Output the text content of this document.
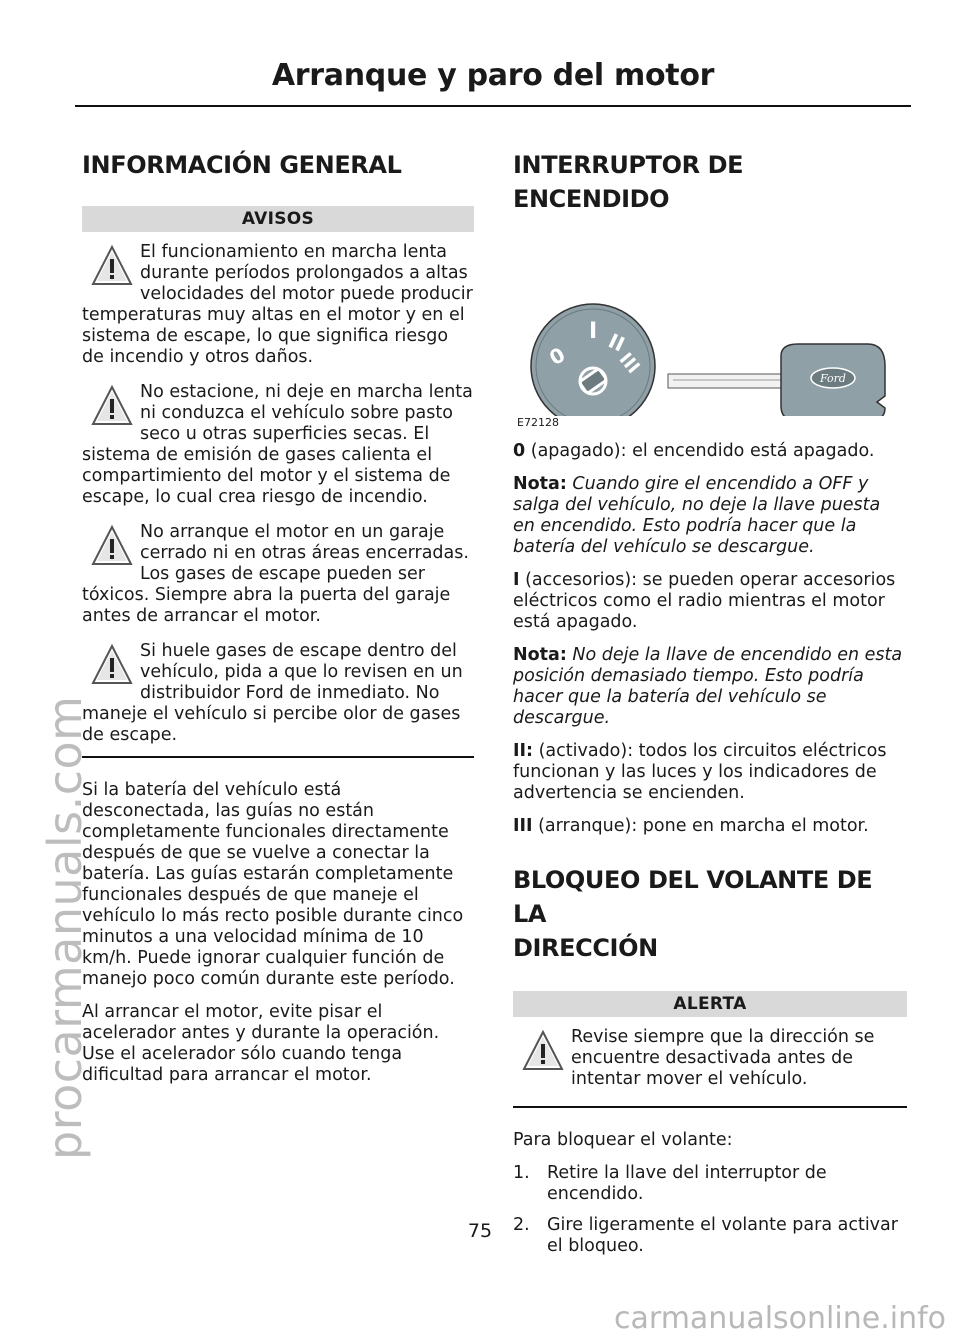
Arranque y paro del motor
INFORMACIÓN GENERAL
AVISOS

El funcionamiento en marcha lenta durante períodos prolongados a altas velocidades del motor puede producir temperaturas muy altas en el motor y en el sistema de escape, lo que significa riesgo de incendio y otros daños.

No estacione, ni deje en marcha lenta ni conduzca el vehículo sobre pasto seco u otras superficies secas. El sistema de emisión de gases calienta el compartimiento del motor y el sistema de escape, lo cual crea riesgo de incendio.

No arranque el motor en un garaje cerrado ni en otras áreas encerradas. Los gases de escape pueden ser tóxicos. Siempre abra la puerta del garaje antes de arrancar el motor.

Si huele gases de escape dentro del vehículo, pida a que lo revisen en un distribuidor Ford de inmediato. No maneje el vehículo si percibe olor de gases de escape.

Si la batería del vehículo está desconectada, las guías no están completamente funcionales directamente después de que se vuelve a conectar la batería. Las guías estarán completamente funcionales después de que maneje el vehículo lo más recto posible durante cinco minutos a una velocidad mínima de 10 km/h. Puede ignorar cualquier función de manejo poco común durante este período.

Al arrancar el motor, evite pisar el acelerador antes y durante la operación. Use el acelerador sólo cuando tenga dificultad para arrancar el motor.

INTERRUPTOR DE ENCENDIDO
0
I II
III
Ford
E72128

0 (apagado): el encendido está apagado.

Nota: Cuando gire el encendido a OFF y salga del vehículo, no deje la llave puesta en encendido. Esto podría hacer que la batería del vehículo se descargue.

I (accesorios): se pueden operar accesorios eléctricos como el radio mientras el motor está apagado.

Nota: No deje la llave de encendido en esta posición demasiado tiempo. Esto podría hacer que la batería del vehículo se descargue.

II: (activado): todos los circuitos eléctricos funcionan y las luces y los indicadores de advertencia se encienden.

III (arranque): pone en marcha el motor.

BLOQUEO DEL VOLANTE DE LA
DIRECCIÓN
ALERTA

Revise siempre que la dirección se encuentre desactivada antes de intentar mover el vehículo.

Para bloquear el volante:

1. Retire la llave del interruptor de encendido.
2. Gire ligeramente el volante para activar el bloqueo.
75
procarmanuals.com
carmanualsonline.info
